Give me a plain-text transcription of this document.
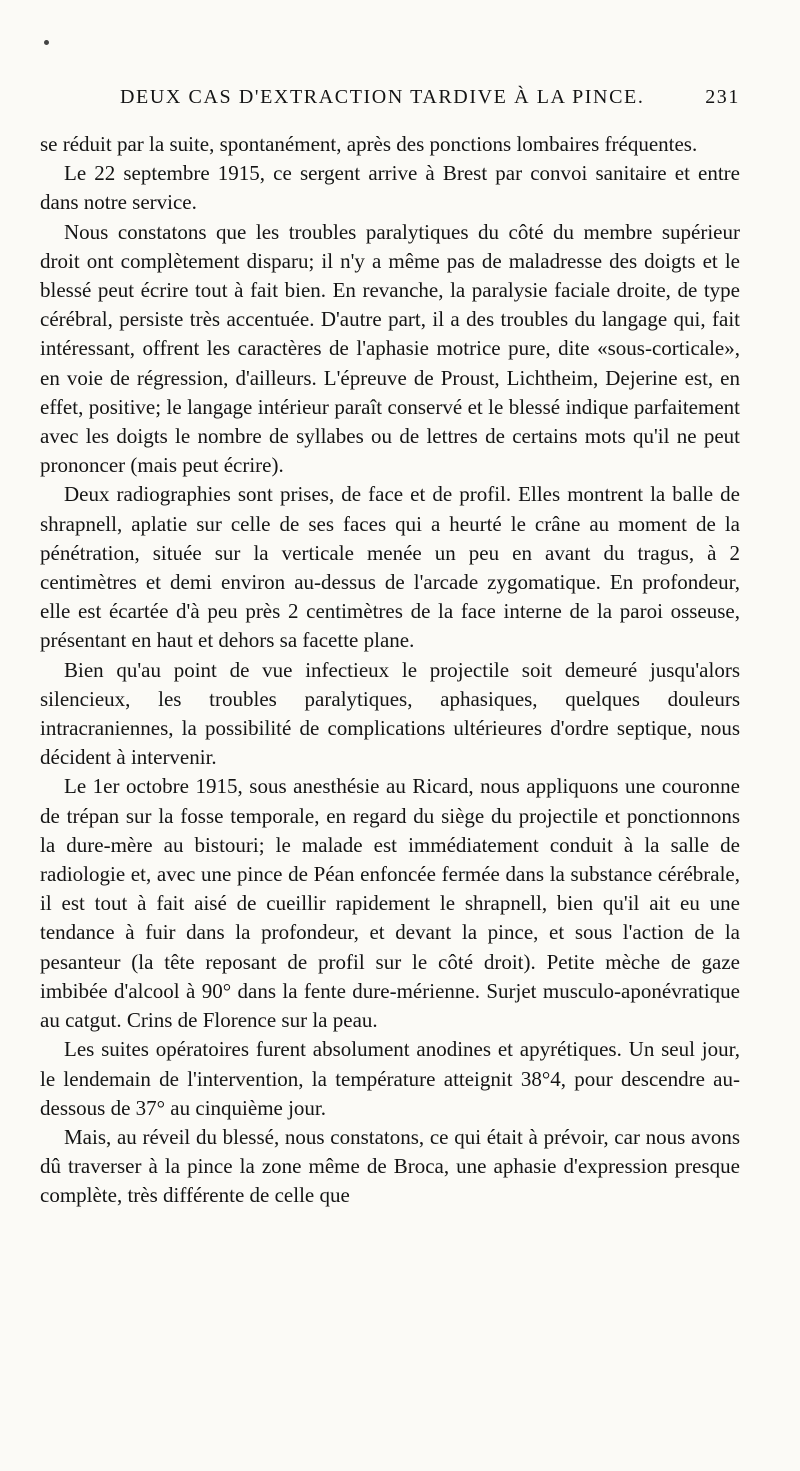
DEUX CAS D'EXTRACTION TARDIVE À LA PINCE.	231

se réduit par la suite, spontanément, après des ponctions lombaires fréquentes.

Le 22 septembre 1915, ce sergent arrive à Brest par convoi sanitaire et entre dans notre service.

Nous constatons que les troubles paralytiques du côté du membre supérieur droit ont complètement disparu; il n'y a même pas de maladresse des doigts et le blessé peut écrire tout à fait bien. En revanche, la paralysie faciale droite, de type cérébral, persiste très accentuée. D'autre part, il a des troubles du langage qui, fait intéressant, offrent les caractères de l'aphasie motrice pure, dite «sous-corticale», en voie de régression, d'ailleurs. L'épreuve de Proust, Lichtheim, Dejerine est, en effet, positive; le langage intérieur paraît conservé et le blessé indique parfaitement avec les doigts le nombre de syllabes ou de lettres de certains mots qu'il ne peut prononcer (mais peut écrire).

Deux radiographies sont prises, de face et de profil. Elles montrent la balle de shrapnell, aplatie sur celle de ses faces qui a heurté le crâne au moment de la pénétration, située sur la verticale menée un peu en avant du tragus, à 2 centimètres et demi environ au-dessus de l'arcade zygomatique. En profondeur, elle est écartée d'à peu près 2 centimètres de la face interne de la paroi osseuse, présentant en haut et dehors sa facette plane.

Bien qu'au point de vue infectieux le projectile soit demeuré jusqu'alors silencieux, les troubles paralytiques, aphasiques, quelques douleurs intracraniennes, la possibilité de complications ultérieures d'ordre septique, nous décident à intervenir.

Le 1er octobre 1915, sous anesthésie au Ricard, nous appliquons une couronne de trépan sur la fosse temporale, en regard du siège du projectile et ponctionnons la dure-mère au bistouri; le malade est immédiatement conduit à la salle de radiologie et, avec une pince de Péan enfoncée fermée dans la substance cérébrale, il est tout à fait aisé de cueillir rapidement le shrapnell, bien qu'il ait eu une tendance à fuir dans la profondeur, et devant la pince, et sous l'action de la pesanteur (la tête reposant de profil sur le côté droit). Petite mèche de gaze imbibée d'alcool à 90° dans la fente dure-mérienne. Surjet musculo-aponévratique au catgut. Crins de Florence sur la peau.

Les suites opératoires furent absolument anodines et apyrétiques. Un seul jour, le lendemain de l'intervention, la température atteignit 38°4, pour descendre au-dessous de 37° au cinquième jour.

Mais, au réveil du blessé, nous constatons, ce qui était à prévoir, car nous avons dû traverser à la pince la zone même de Broca, une aphasie d'expression presque complète, très différente de celle que
